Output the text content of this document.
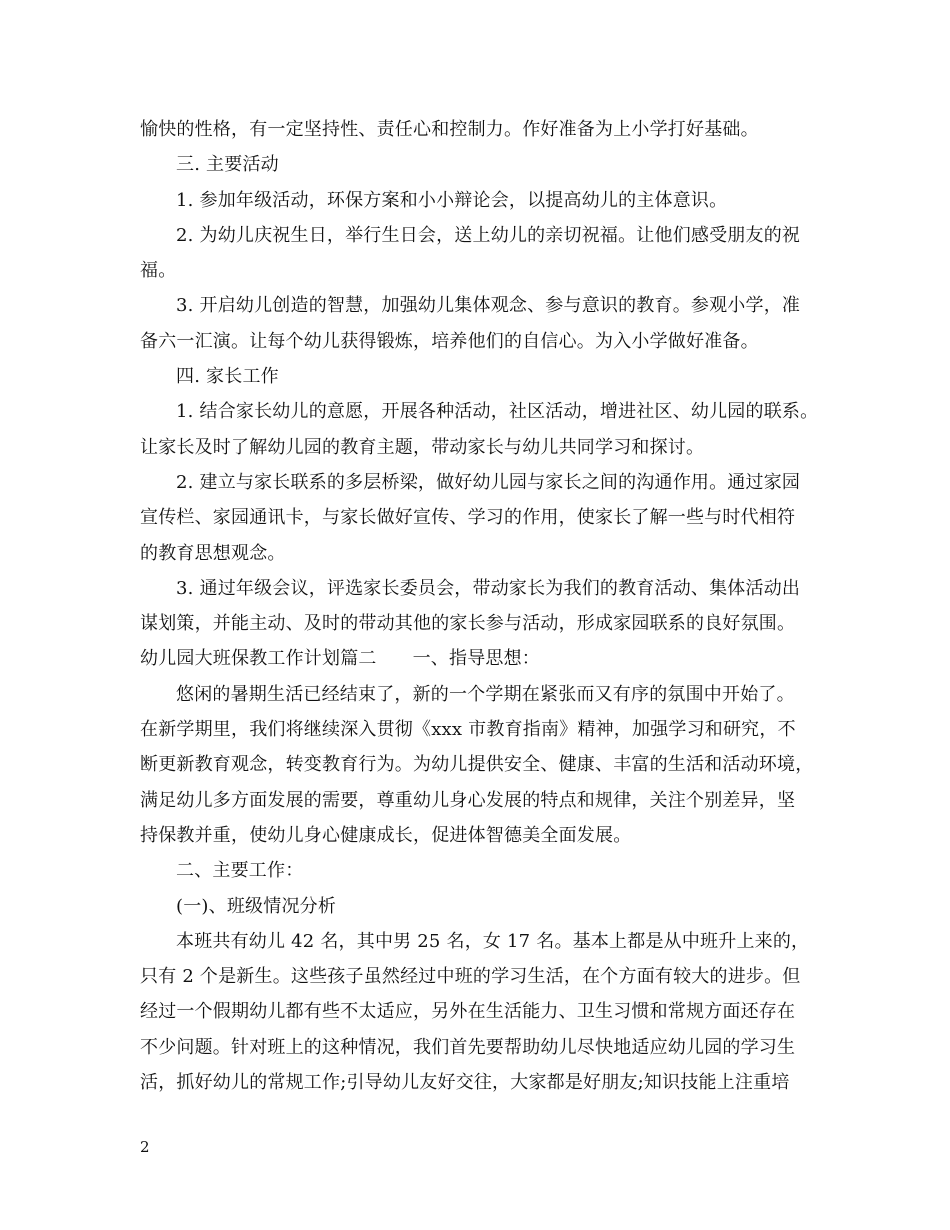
愉快的性格，有一定坚持性、责任心和控制力。作好准备为上小学打好基础。
三. 主要活动
1. 参加年级活动，环保方案和小小辩论会，以提高幼儿的主体意识。
2. 为幼儿庆祝生日，举行生日会，送上幼儿的亲切祝福。让他们感受朋友的祝
福。
3. 开启幼儿创造的智慧，加强幼儿集体观念、参与意识的教育。参观小学，准
备六一汇演。让每个幼儿获得锻炼，培养他们的自信心。为入小学做好准备。
四. 家长工作
1. 结合家长幼儿的意愿，开展各种活动，社区活动，增进社区、幼儿园的联系。
让家长及时了解幼儿园的教育主题，带动家长与幼儿共同学习和探讨。
2. 建立与家长联系的多层桥梁，做好幼儿园与家长之间的沟通作用。通过家园
宣传栏、家园通讯卡，与家长做好宣传、学习的作用，使家长了解一些与时代相符
的教育思想观念。
3. 通过年级会议，评选家长委员会，带动家长为我们的教育活动、集体活动出
谋划策，并能主动、及时的带动其他的家长参与活动，形成家园联系的良好氛围。
幼儿园大班保教工作计划篇二 一、指导思想：
悠闲的暑期生活已经结束了，新的一个学期在紧张而又有序的氛围中开始了。
在新学期里，我们将继续深入贯彻《xxx 市教育指南》精神，加强学习和研究，不
断更新教育观念，转变教育行为。为幼儿提供安全、健康、丰富的生活和活动环境，
满足幼儿多方面发展的需要，尊重幼儿身心发展的特点和规律，关注个别差异，坚
持保教并重，使幼儿身心健康成长，促进体智德美全面发展。
二、主要工作：
(一)、班级情况分析
本班共有幼儿 42 名，其中男 25 名，女 17 名。基本上都是从中班升上来的，
只有 2 个是新生。这些孩子虽然经过中班的学习生活，在个方面有较大的进步。但
经过一个假期幼儿都有些不太适应，另外在生活能力、卫生习惯和常规方面还存在
不少问题。针对班上的这种情况，我们首先要帮助幼儿尽快地适应幼儿园的学习生
活，抓好幼儿的常规工作;引导幼儿友好交往，大家都是好朋友;知识技能上注重培
2
